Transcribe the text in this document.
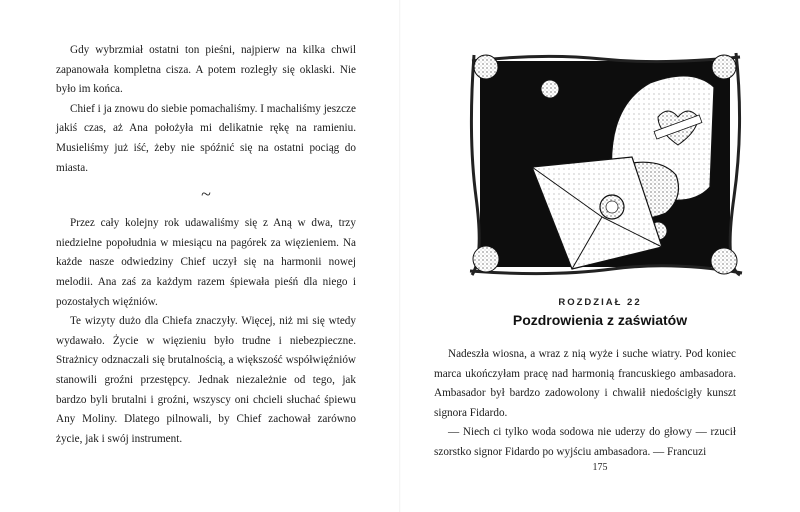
Gdy wybrzmiał ostatni ton pieśni, najpierw na kilka chwil zapanowała kompletna cisza. A potem rozległy się oklaski. Nie było im końca.

Chief i ja znowu do siebie pomachaliśmy. I machaliśmy jeszcze jakiś czas, aż Ana położyła mi delikatnie rękę na ramieniu. Musieliśmy już iść, żeby nie spóźnić się na ostatni pociąg do miasta.

~

Przez cały kolejny rok udawaliśmy się z Aną w dwa, trzy niedzielne popołudnia w miesiącu na pagórek za więzieniem. Na każde nasze odwiedziny Chief uczył się na harmonii nowej melodii. Ana zaś za każdym razem śpiewała pieśń dla niego i pozostałych więźniów.

Te wizyty dużo dla Chiefa znaczyły. Więcej, niż mi się wtedy wydawało. Życie w więzieniu było trudne i niebezpieczne. Strażnicy odznaczali się brutalnością, a większość współwięźniów stanowili groźni przestępcy. Jednak niezależnie od tego, jak bardzo byli brutalni i groźni, wszyscy oni chcieli słuchać śpiewu Any Moliny. Dlatego pilnowali, by Chief zachował zarówno życie, jak i swój instrument.

ROZDZIAŁ 22
Pozdrowienia z zaświatów

Nadeszła wiosna, a wraz z nią wyże i suche wiatry. Pod koniec marca ukończyłam pracę nad harmonią francuskiego ambasadora. Ambasador był bardzo zadowolony i chwalił niedościgły kunszt signora Fidardo.

— Niech ci tylko woda sodowa nie uderzy do głowy — rzucił szorstko signor Fidardo po wyjściu ambasadora. — Francuzi

175
